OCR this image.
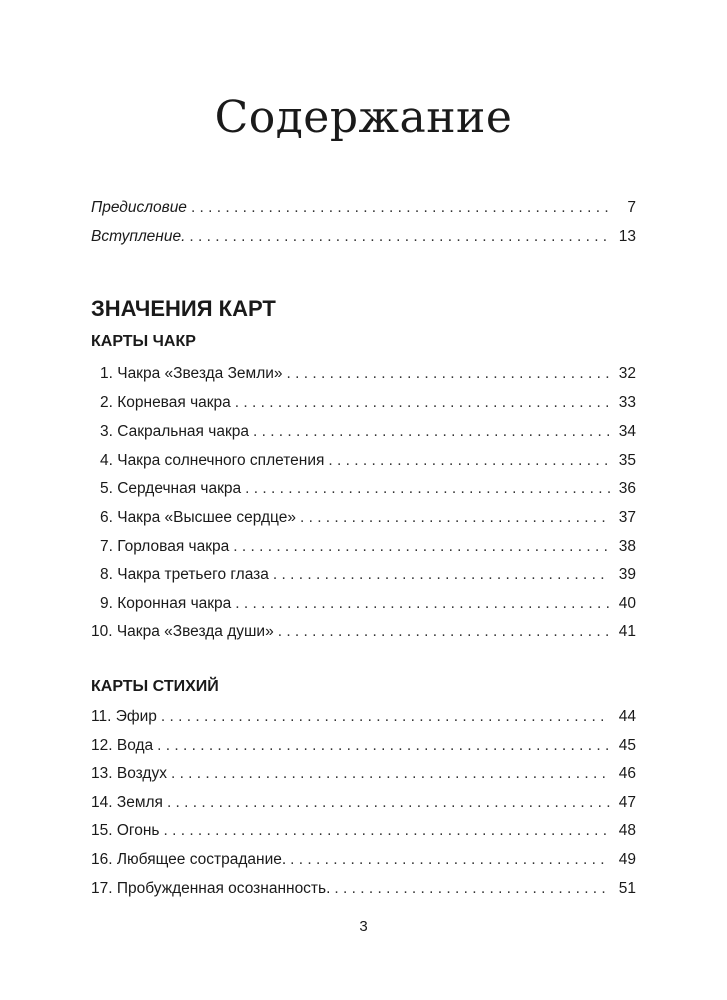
Содержание
Предисловие . . .	7
Вступление. . . .	13
ЗНАЧЕНИЯ КАРТ
КАРТЫ ЧАКР
1. Чакра «Звезда Земли» . . .	32
2. Корневая чакра . . .	33
3. Сакральная чакра . . .	34
4. Чакра солнечного сплетения . . .	35
5. Сердечная чакра . . .	36
6. Чакра «Высшее сердце» . . .	37
7. Горловая чакра . . .	38
8. Чакра третьего глаза . . .	39
9. Коронная чакра . . .	40
10. Чакра «Звезда души» . . .	41
КАРТЫ СТИХИЙ
11. Эфир . . .	44
12. Вода . . .	45
13. Воздух . . .	46
14. Земля . . .	47
15. Огонь . . .	48
16. Любящее сострадание. . . .	49
17. Пробужденная осознанность. . . .	51
3
